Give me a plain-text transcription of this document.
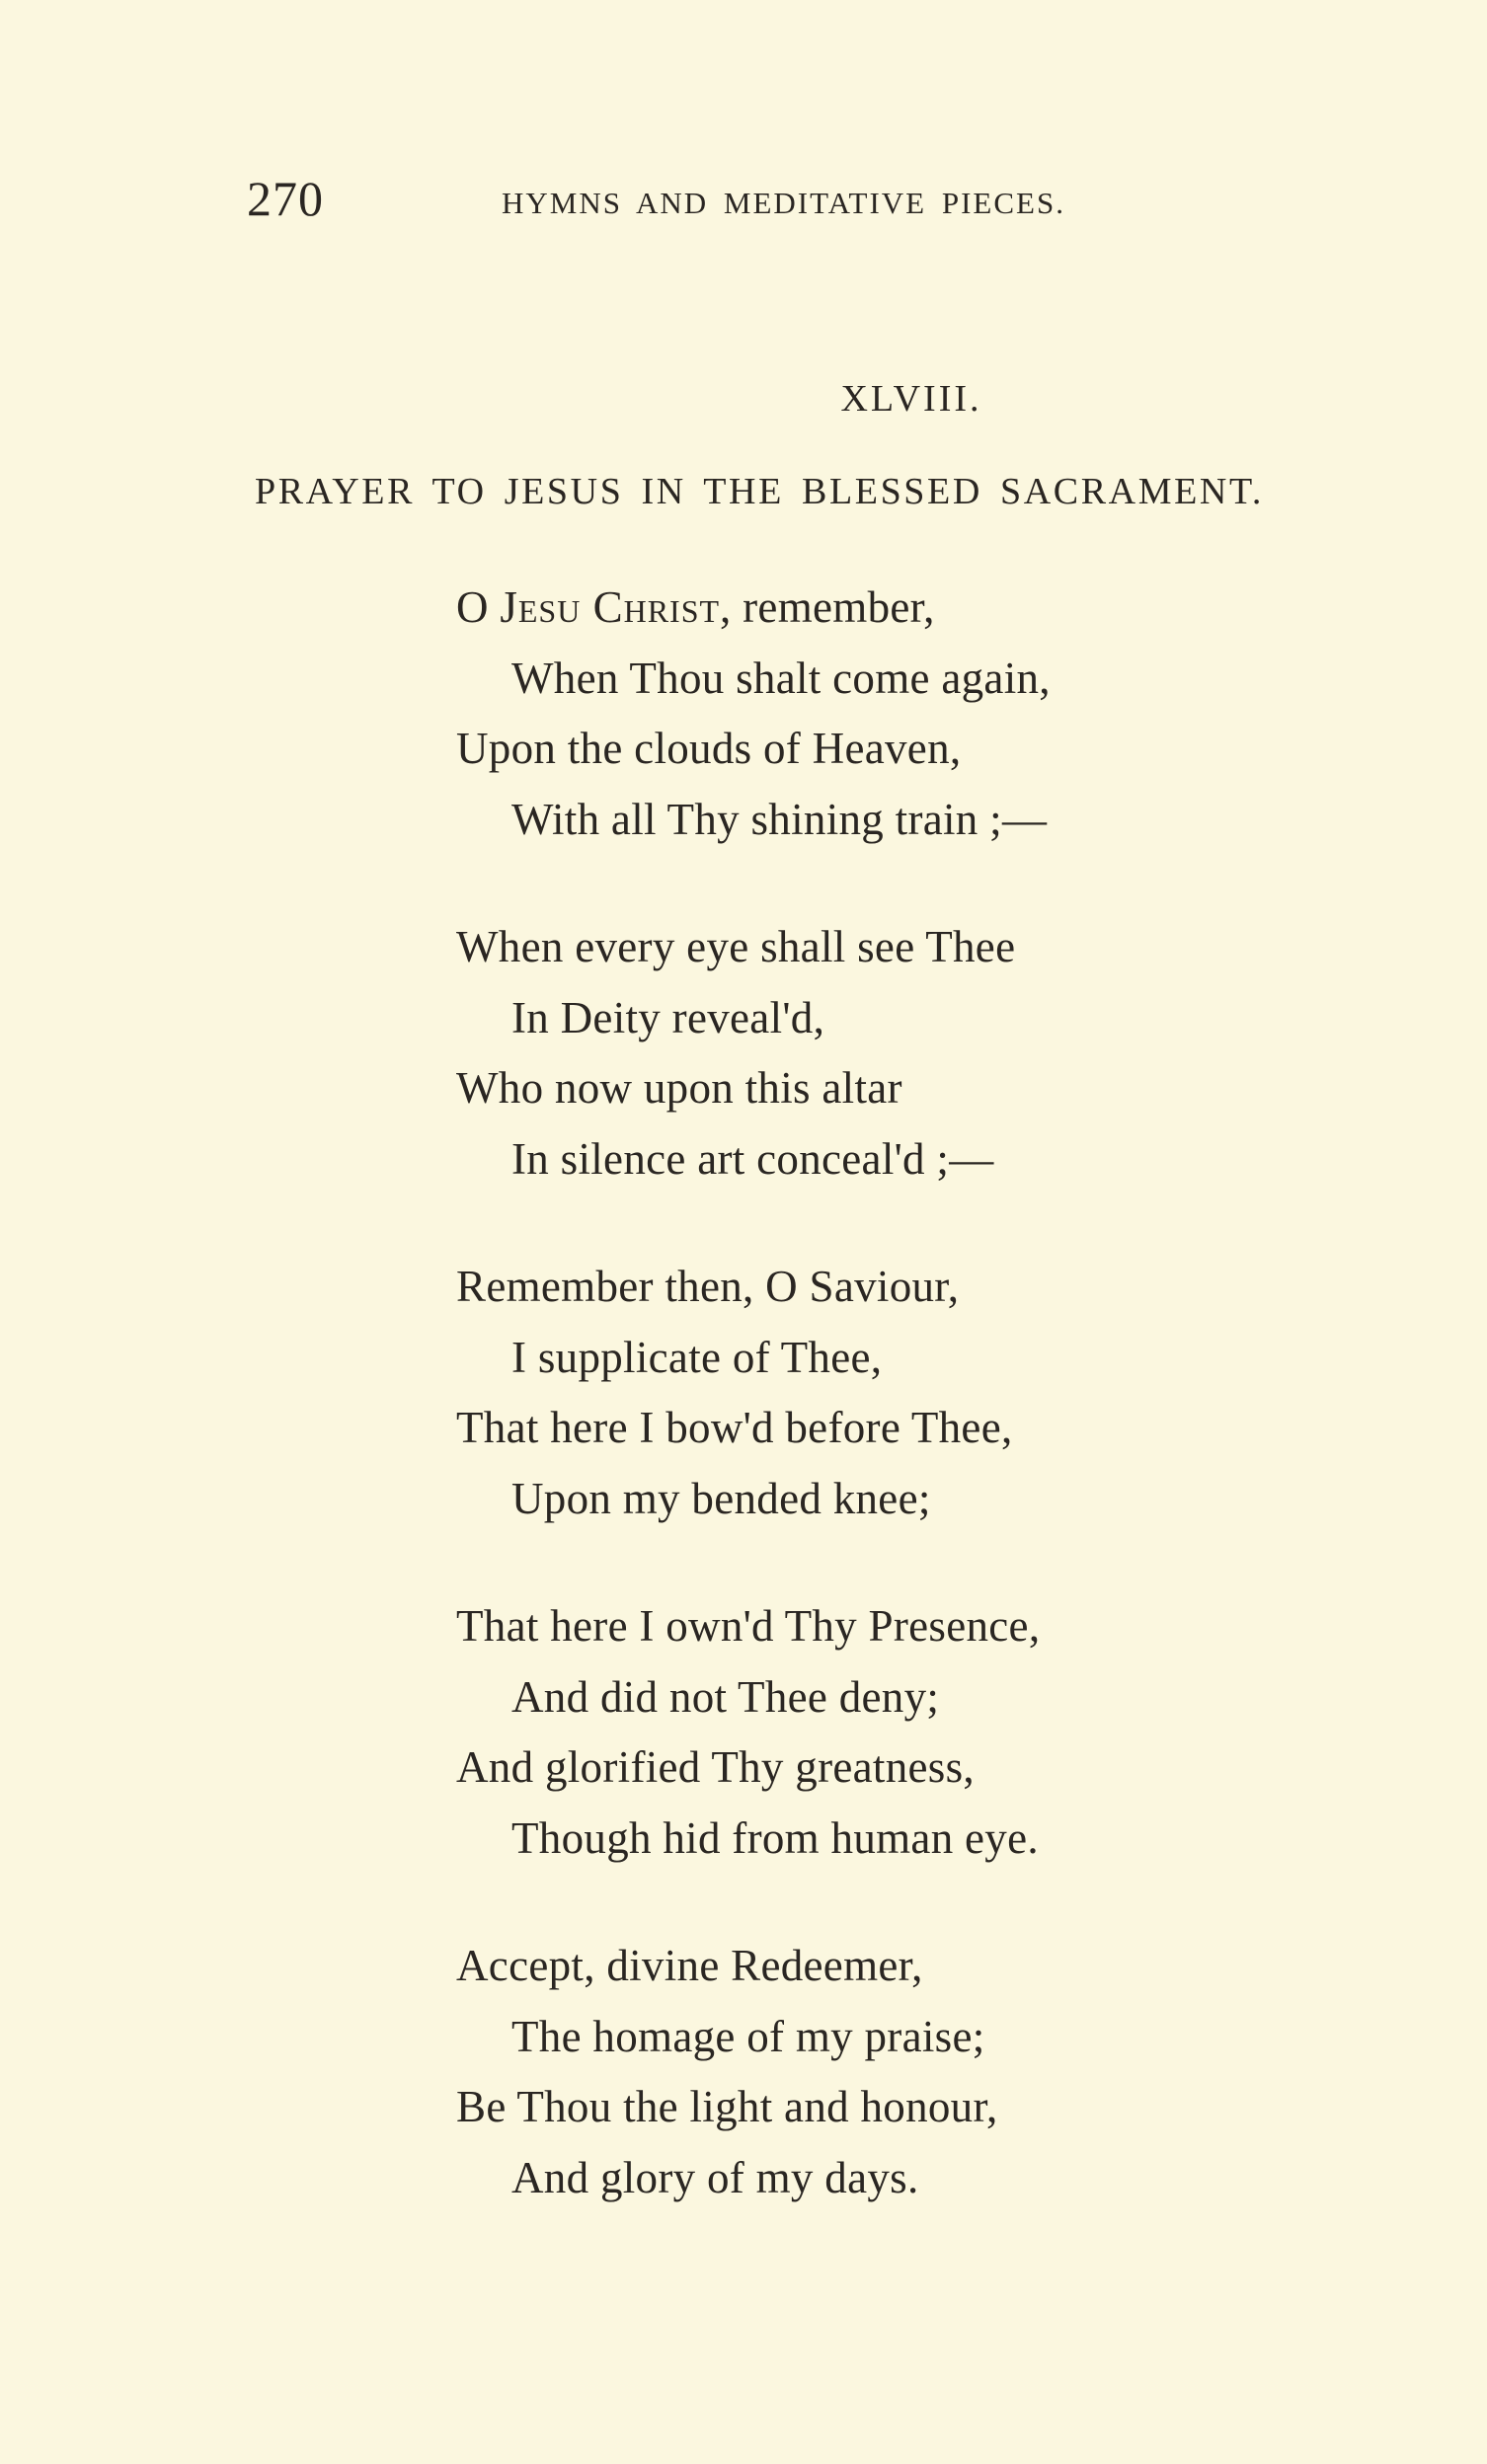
270	HYMNS AND MEDITATIVE PIECES.
XLVIII.
PRAYER TO JESUS IN THE BLESSED SACRAMENT.
O Jesu Christ, remember,
When Thou shalt come again,
Upon the clouds of Heaven,
With all Thy shining train ;—
When every eye shall see Thee
In Deity reveal'd,
Who now upon this altar
In silence art conceal'd ;—
Remember then, O Saviour,
I supplicate of Thee,
That here I bow'd before Thee,
Upon my bended knee;
That here I own'd Thy Presence,
And did not Thee deny;
And glorified Thy greatness,
Though hid from human eye.
Accept, divine Redeemer,
The homage of my praise;
Be Thou the light and honour,
And glory of my days.
